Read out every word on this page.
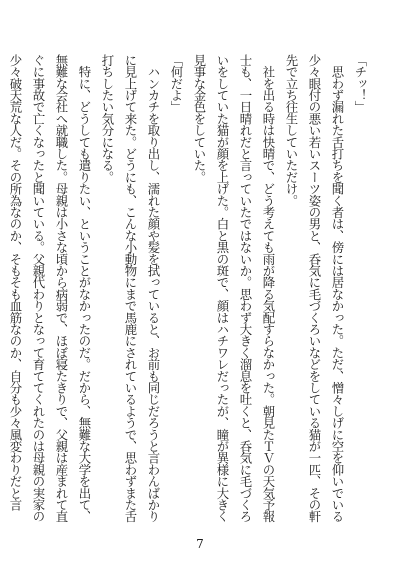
「チッ！」

　思わず漏れた舌打ちを聞く者は、傍には居なかった。ただ、憎々しげに空を仰いでいる

少々眼付の悪い若いスーツ姿の男と、呑気に毛づくろいなどをしている猫が一匹、その軒

先で立ち往生していただけ。

　社を出る時は快晴で、どう考えても雨が降る気配すらなかった。朝見たＴＶの天気予報

士も、一日晴れだと言っていたではないか。思わず大きく溜息を吐くと、呑気に毛づくろ

いをしていた猫が顔を上げた。白と黒の斑で、顔はハチワレだったが、瞳が異様に大きく

見事な金色をしていた。

「何だよ」

　ハンカチを取り出し、濡れた顔や髪を拭っていると、お前も同じだろうと言わんばかり

に見上げて来た。どうにも、こんな小動物にまで馬鹿にされているようで、思わずまた舌

打ちしたい気分になる。

　特に、どうしても遣りたい、ということがなかったのだ。だから、無難な大学を出て、

無難な会社へ就職した。母親は小さな頃から病弱で、ほぼ寝たきりで、父親は産まれて直

ぐに事故で亡くなったと聞いている。父親代わりとなって育ててくれたのは母親の実家の

少々破天荒な人だ。その所為なのか、そもそも血筋なのか、自分も少々風変わりだと言

7
